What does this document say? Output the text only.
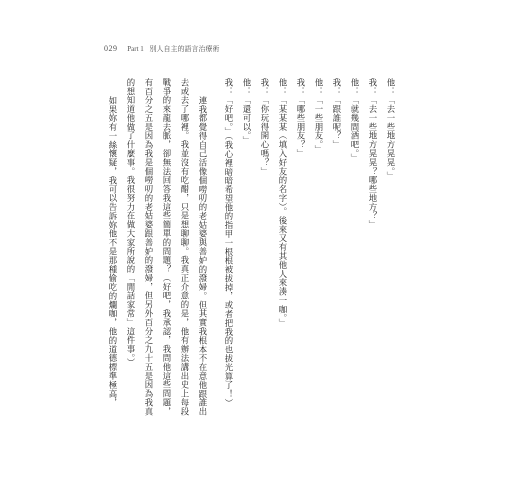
029 Part 1 別人自主的語言治療術

他：「去一些地方晃晃。」

我：「去一些地方晃晃？哪些地方？」

他：「就幾間酒吧。」

我：「跟誰呢？」

他：「一些朋友。」

我：「哪些朋友？」

他：「某某某（填入好友的名字）。後來又有其他人來湊一咖。」

我：「你玩得開心嗎？」

他：「還可以。」

我：「好吧。」（我心裡暗暗希望他的指甲一根根被拔掉，或者把我的也拔光算了！）

連我都覺得自己活像個嘮叨的老姑婆與善妒的潑婦。但其實我根本不在意他跟誰出

去或去了哪裡。我並沒有吃醋，只是想聊聊。我真正介意的是，他有辦法講出史上每段

戰爭的來龍去脈，卻無法回答我這些簡單的問題？（好吧，我承認，我問他這些問題，

有百分之五是因為我是個嘮叨的老姑婆跟善妒的潑婦，但另外百分之九十五是因為我真

的想知道他做了什麼事。我很努力在做大家所說的「閒話家常」這件事。）

如果妳有一絲懷疑，我可以告訴妳他不是那種偷吃的爛咖，他的道德標準極高，
